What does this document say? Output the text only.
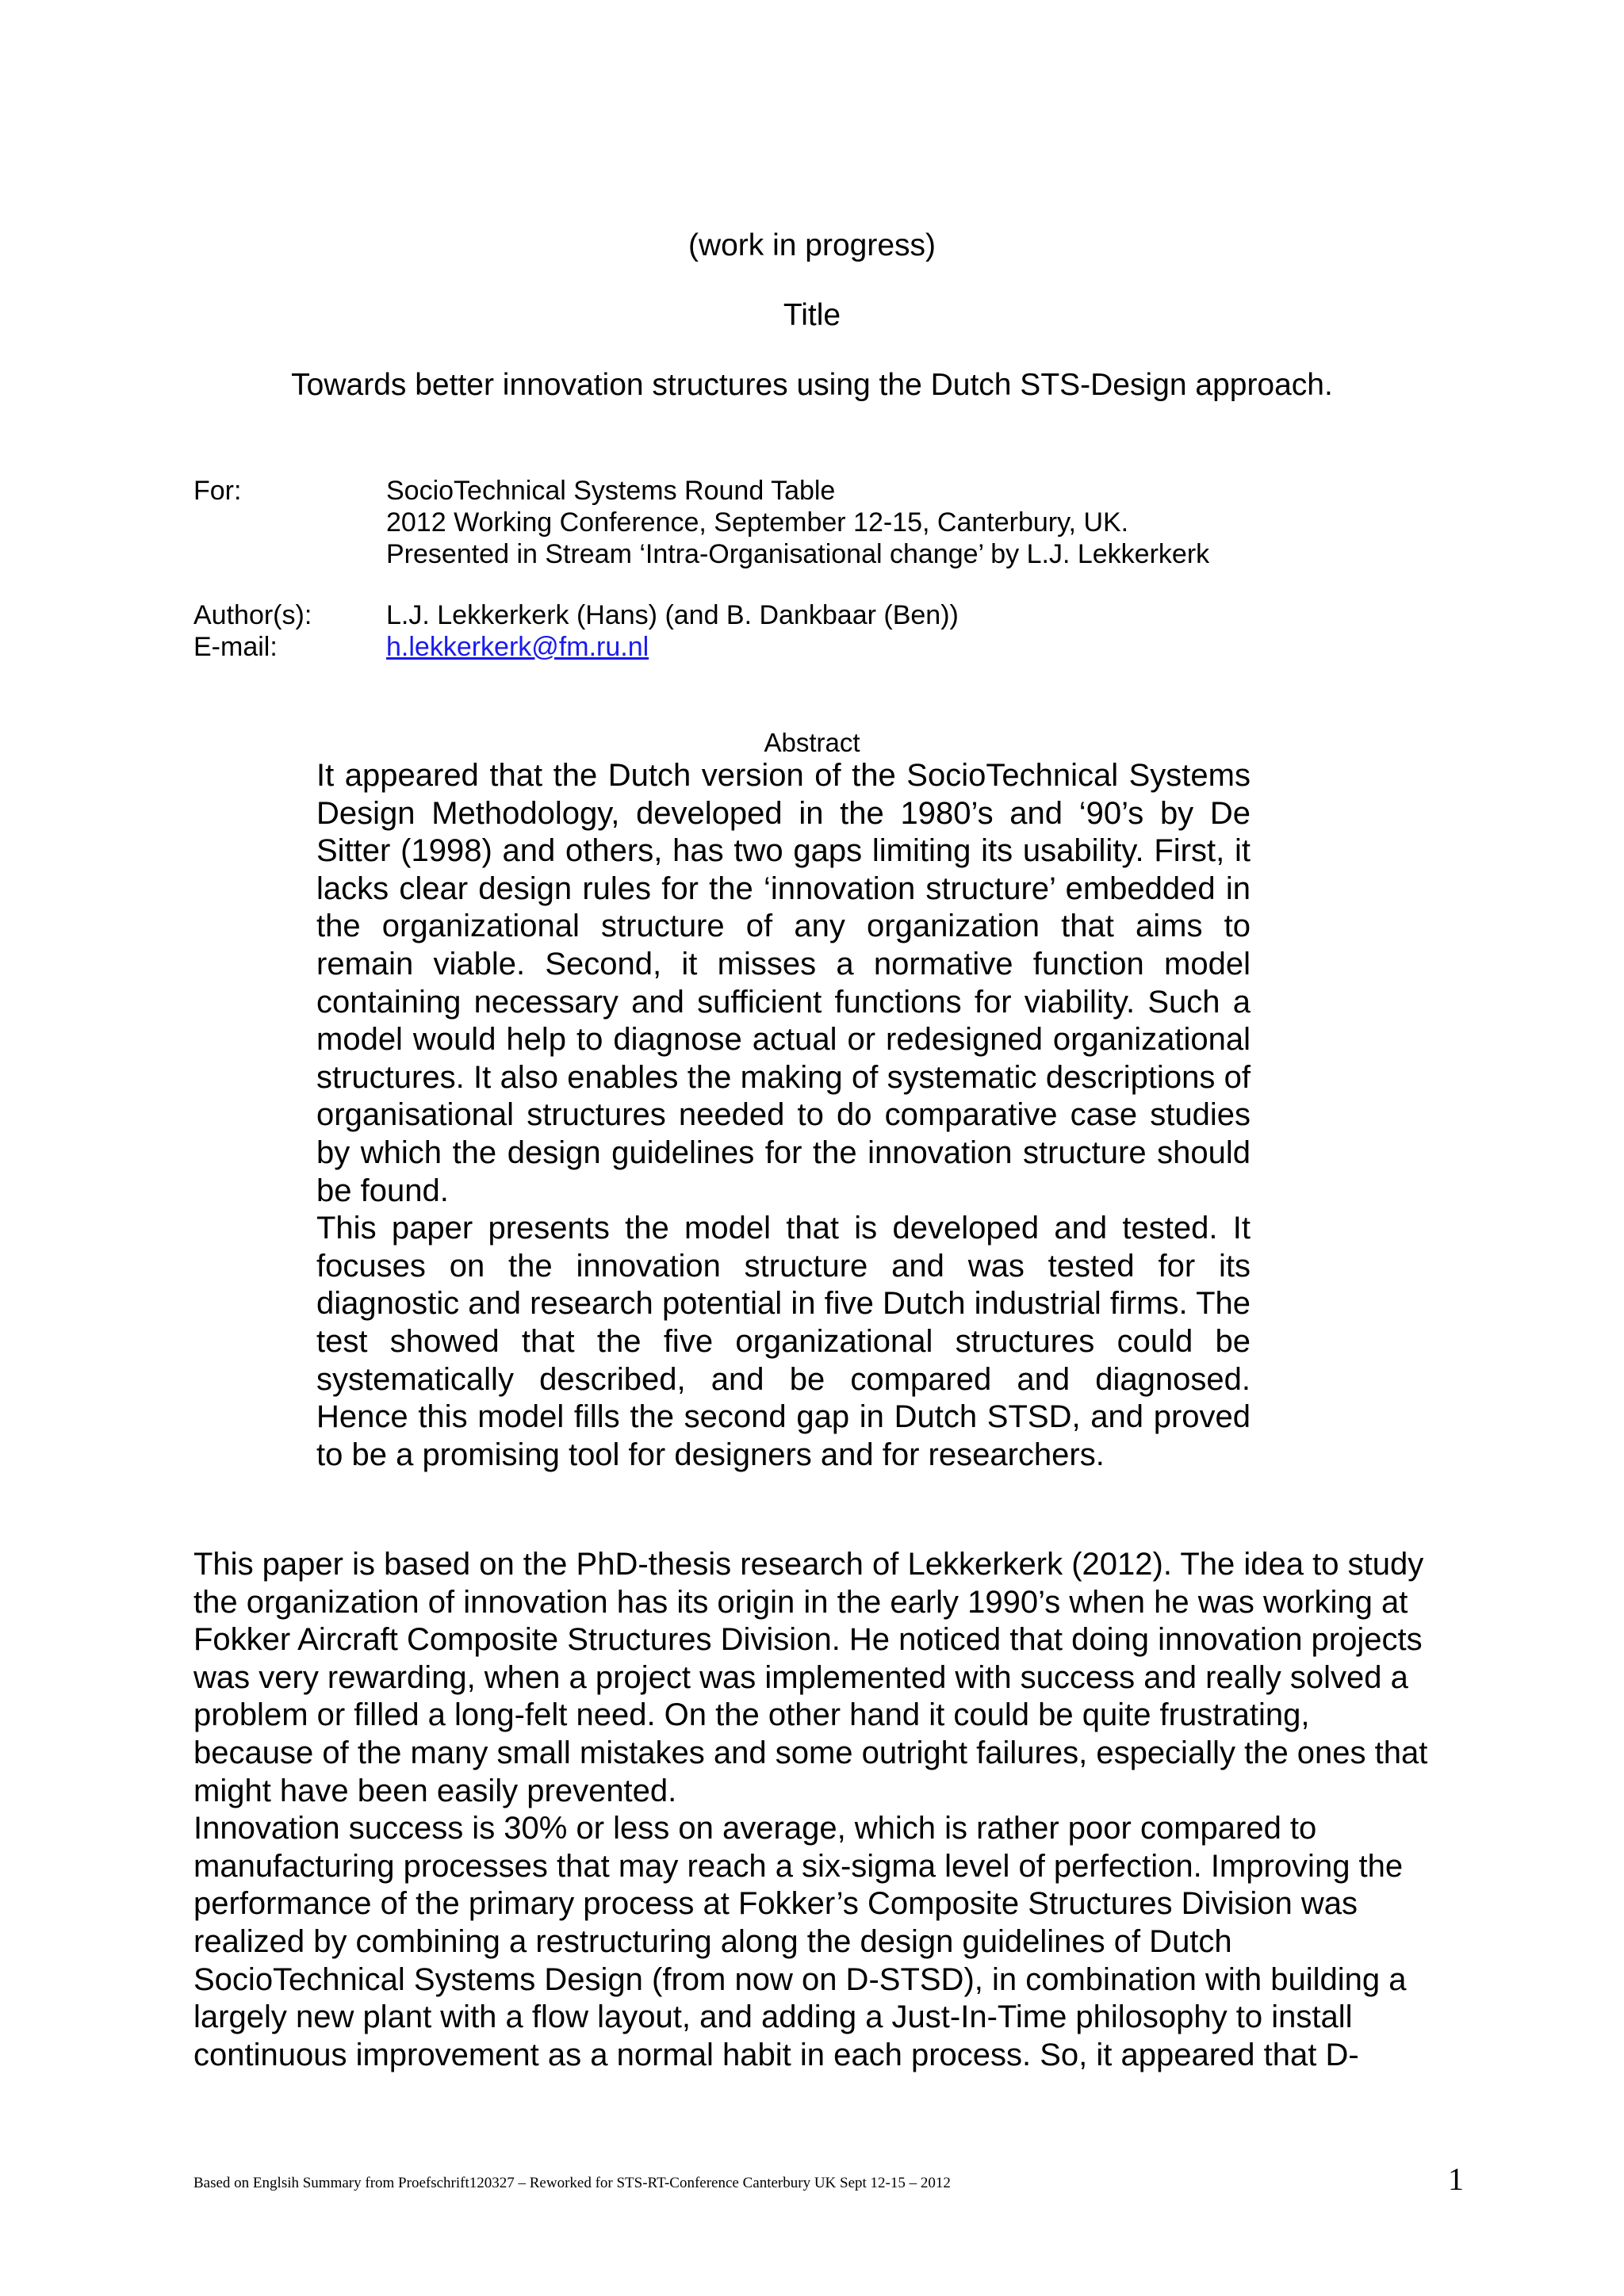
(work in progress)
Title
Towards better innovation structures using the Dutch STS-Design approach.
For:	SocioTechnical Systems Round Table
2012 Working Conference, September 12-15, Canterbury, UK.
Presented in Stream ‘Intra-Organisational change’ by L.J. Lekkerkerk
Author(s):	L.J. Lekkerkerk (Hans) (and B. Dankbaar (Ben))
E-mail:	h.lekkerkerk@fm.ru.nl
Abstract

It appeared that the Dutch version of the SocioTechnical Systems Design Methodology, developed in the 1980’s and ‘90’s by De Sitter (1998) and others, has two gaps limiting its usability. First, it lacks clear design rules for the ‘innovation structure’ embedded in the organizational structure of any organization that aims to remain viable. Second, it misses a normative function model containing necessary and sufficient functions for viability. Such a model would help to diagnose actual or redesigned organizational structures. It also enables the making of systematic descriptions of organisational structures needed to do comparative case studies by which the design guidelines for the innovation structure should be found.

This paper presents the model that is developed and tested. It focuses on the innovation structure and was tested for its diagnostic and research potential in five Dutch industrial firms. The test showed that the five organizational structures could be systematically described, and be compared and diagnosed. Hence this model fills the second gap in Dutch STSD, and proved to be a promising tool for designers and for researchers.

This paper is based on the PhD-thesis research of Lekkerkerk (2012). The idea to study the organization of innovation has its origin in the early 1990’s when he was working at Fokker Aircraft Composite Structures Division. He noticed that doing innovation projects was very rewarding, when a project was implemented with success and really solved a problem or filled a long-felt need. On the other hand it could be quite frustrating, because of the many small mistakes and some outright failures, especially the ones that might have been easily prevented.

Innovation success is 30% or less on average, which is rather poor compared to manufacturing processes that may reach a six-sigma level of perfection. Improving the performance of the primary process at Fokker’s Composite Structures Division was realized by combining a restructuring along the design guidelines of Dutch SocioTechnical Systems Design (from now on D-STSD), in combination with building a largely new plant with a flow layout, and adding a Just-In-Time philosophy to install continuous improvement as a normal habit in each process. So, it appeared that D-

Based on Englsih Summary from Proefschrift120327 – Reworked for STS-RT-Conference Canterbury UK Sept 12-15 – 2012	1
